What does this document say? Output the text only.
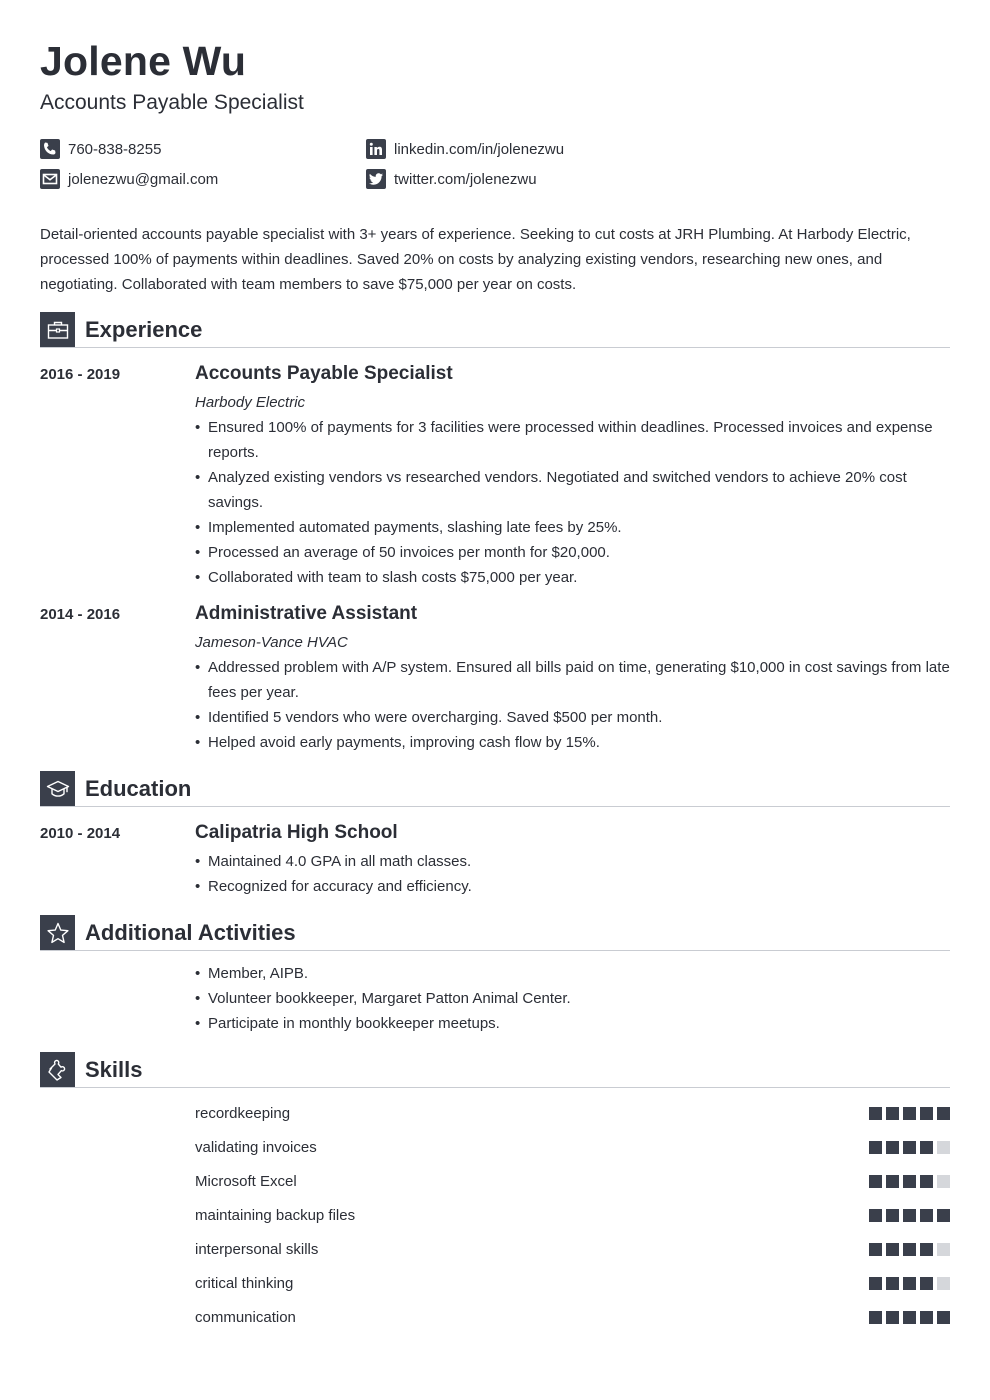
Jolene Wu
Accounts Payable Specialist
760-838-8255
jolenezwu@gmail.com
linkedin.com/in/jolenezwu
twitter.com/jolenezwu

Detail-oriented accounts payable specialist with 3+ years of experience. Seeking to cut costs at JRH Plumbing. At Harbody Electric, processed 100% of payments within deadlines. Saved 20% on costs by analyzing existing vendors, researching new ones, and negotiating. Collaborated with team members to save $75,000 per year on costs.

Experience
2016 - 2019	Accounts Payable Specialist
Harbody Electric
• Ensured 100% of payments for 3 facilities were processed within deadlines. Processed invoices and expense reports.
• Analyzed existing vendors vs researched vendors. Negotiated and switched vendors to achieve 20% cost savings.
• Implemented automated payments, slashing late fees by 25%.
• Processed an average of 50 invoices per month for $20,000.
• Collaborated with team to slash costs $75,000 per year.
2014 - 2016	Administrative Assistant
Jameson-Vance HVAC
• Addressed problem with A/P system. Ensured all bills paid on time, generating $10,000 in cost savings from late fees per year.
• Identified 5 vendors who were overcharging. Saved $500 per month.
• Helped avoid early payments, improving cash flow by 15%.
Education
2010 - 2014	Calipatria High School
• Maintained 4.0 GPA in all math classes.
• Recognized for accuracy and efficiency.
Additional Activities
• Member, AIPB.
• Volunteer bookkeeper, Margaret Patton Animal Center.
• Participate in monthly bookkeeper meetups.
Skills
recordkeeping
validating invoices
Microsoft Excel
maintaining backup files
interpersonal skills
critical thinking
communication
